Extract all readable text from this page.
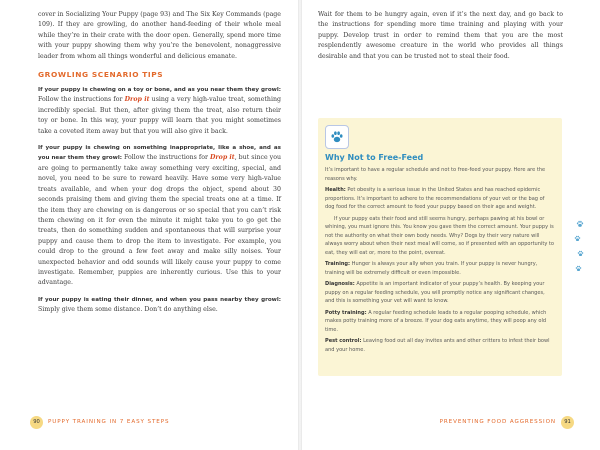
cover in Socializing Your Puppy (page 93) and The Six Key Commands (page 109). If they are growling, do another hand-feeding of their whole meal while they’re in their crate with the door open. Generally, spend more time with your puppy showing them why you’re the benevolent, nonaggressive leader from whom all things wonderful and delicious emanate.

GROWLING SCENARIO TIPS

If your puppy is chewing on a toy or bone, and as you near them they growl: Follow the instructions for Drop it using a very high-value treat, something incredibly special. But then, after giving them the treat, also return their toy or bone. In this way, your puppy will learn that you might sometimes take a coveted item away but that you will also give it back.

If your puppy is chewing on something inappropriate, like a shoe, and as you near them they growl: Follow the instructions for Drop it, but since you are going to permanently take away something very exciting, special, and novel, you need to be sure to reward heavily. Have some very high-value treats available, and when your dog drops the object, spend about 30 seconds praising them and giving them the special treats one at a time. If the item they are chewing on is dangerous or so special that you can’t risk them chewing on it for even the minute it might take you to go get the treats, then do something sudden and spontaneous that will surprise your puppy and cause them to drop the item to investigate. For example, you could drop to the ground a few feet away and make silly noises. Your unexpected behavior and odd sounds will likely cause your puppy to come investigate. Remember, puppies are inherently curious. Use this to your advantage.

If your puppy is eating their dinner, and when you pass nearby they growl: Simply give them some distance. Don’t do anything else.

90	PUPPY TRAINING IN 7 EASY STEPS

Wait for them to be hungry again, even if it’s the next day, and go back to the instructions for spending more time training and playing with your puppy. Develop trust in order to remind them that you are the most resplendently awesome creature in the world who provides all things desirable and that you can be trusted not to steal their food.

PREVENTING FOOD AGGRESSION	91
Why Not to Free-Feed

It’s important to have a regular schedule and not to free-feed your puppy. Here are the reasons why.

Health: Pet obesity is a serious issue in the United States and has reached epidemic proportions. It’s important to adhere to the recommendations of your vet or the bag of dog food for the correct amount to feed your puppy based on their age and weight.

If your puppy eats their food and still seems hungry, perhaps pawing at his bowl or whining, you must ignore this. You know you gave them the correct amount. Your puppy is not the authority on what their own body needs. Why? Dogs by their very nature will always worry about when their next meal will come, so if presented with an opportunity to eat, they will eat or, more to the point, overeat.

Training: Hunger is always your ally when you train. If your puppy is never hungry, training will be extremely difficult or even impossible.

Diagnosis: Appetite is an important indicator of your puppy’s health. By keeping your puppy on a regular feeding schedule, you will promptly notice any significant changes, and this is something your vet will want to know.

Potty training: A regular feeding schedule leads to a regular pooping schedule, which makes potty training more of a breeze. If your dog eats anytime, they will poop any old time.

Pest control: Leaving food out all day invites ants and other critters to infest their bowl and your home.
